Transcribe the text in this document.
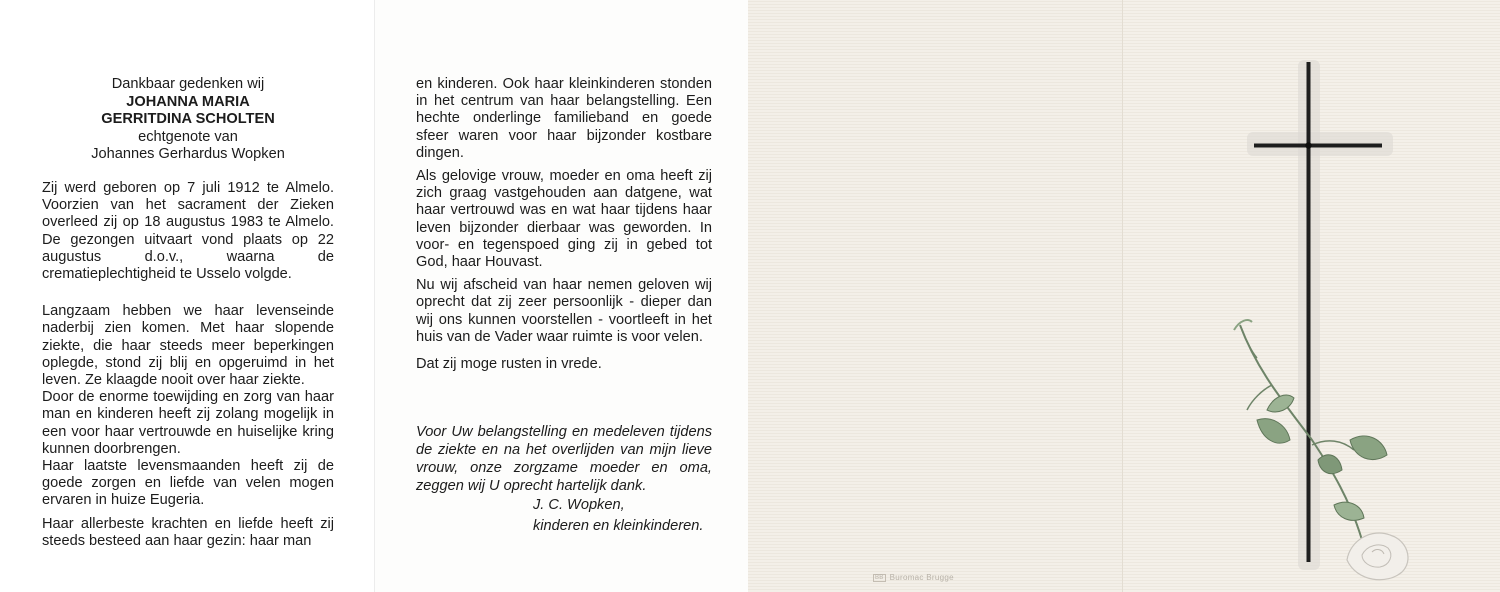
Dankbaar gedenken wij
JOHANNA MARIA
GERRITDINA SCHOLTEN
echtgenote van
Johannes Gerhardus Wopken

Zij werd geboren op 7 juli 1912 te Almelo. Voorzien van het sacrament der Zieken overleed zij op 18 augustus 1983 te Almelo. De gezongen uitvaart vond plaats op 22 augustus d.o.v., waarna de crematieplechtigheid te Usselo volgde.

Langzaam hebben we haar levenseinde naderbij zien komen. Met haar slopende ziekte, die haar steeds meer beperkingen oplegde, stond zij blij en opgeruimd in het leven. Ze klaagde nooit over haar ziekte.

Door de enorme toewijding en zorg van haar man en kinderen heeft zij zolang mogelijk in een voor haar vertrouwde en huiselijke kring kunnen doorbrengen.

Haar laatste levensmaanden heeft zij de goede zorgen en liefde van velen mogen ervaren in huize Eugeria.

Haar allerbeste krachten en liefde heeft zij steeds besteed aan haar gezin: haar man

en kinderen. Ook haar kleinkinderen stonden in het centrum van haar belangstelling. Een hechte onderlinge familieband en goede sfeer waren voor haar bijzonder kostbare dingen.

Als gelovige vrouw, moeder en oma heeft zij zich graag vastgehouden aan datgene, wat haar vertrouwd was en wat haar tijdens haar leven bijzonder dierbaar was geworden. In voor- en tegenspoed ging zij in gebed tot God, haar Houvast.

Nu wij afscheid van haar nemen geloven wij oprecht dat zij zeer persoonlijk - dieper dan wij ons kunnen voorstellen - voortleeft in het huis van de Vader waar ruimte is voor velen.

Dat zij moge rusten in vrede.

Voor Uw belangstelling en medeleven tijdens de ziekte en na het overlijden van mijn lieve vrouw, onze zorgzame moeder en oma, zeggen wij U oprecht hartelijk dank.
J. C. Wopken,
kinderen en kleinkinderen.
BB Buromac Brugge
